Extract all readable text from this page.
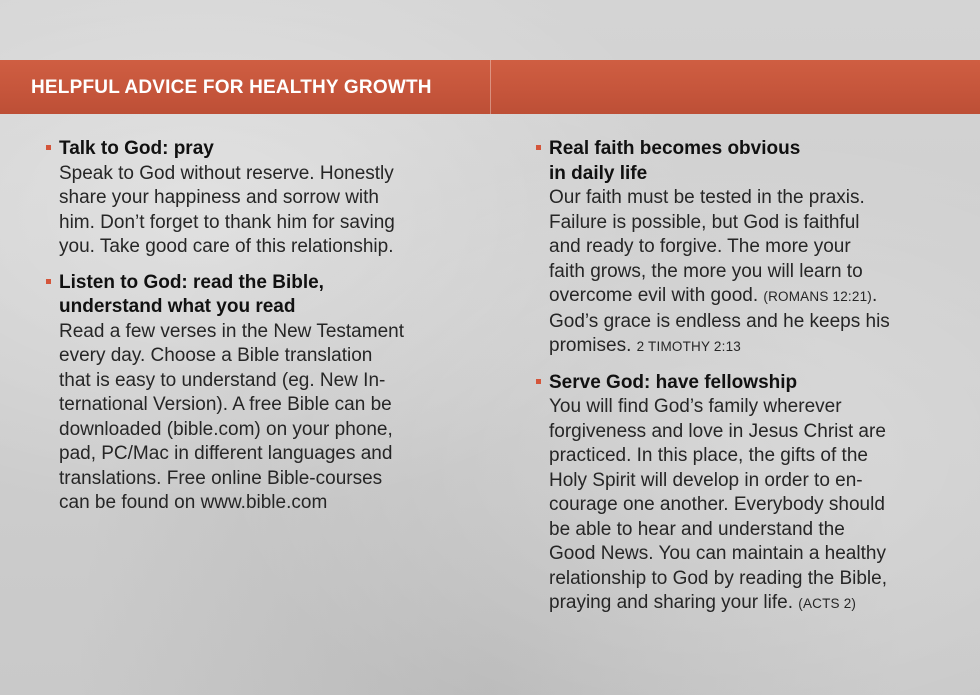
HELPFUL ADVICE FOR HEALTHY GROWTH

Talk to God: pray

Speak to God without reserve. Honestly
share your happiness and sorrow with
him. Don’t forget to thank him for saving
you. Take good care of this relationship.

Listen to God: read the Bible,
understand what you read

Read a few verses in the New Testament
every day. Choose a Bible translation
that is easy to understand (eg. New In-
ternational Version). A free Bible can be
downloaded (bible.com) on your phone,
pad, PC/Mac in different languages and
translations. Free online Bible-courses
can be found on www.bible.com

Real faith becomes obvious
in daily life

Our faith must be tested in the praxis.
Failure is possible, but God is faithful
and ready to forgive. The more your
faith grows, the more you will learn to
overcome evil with good. (ROMANS 12:21).
God’s grace is endless and he keeps his
promises. 2 TIMOTHY 2:13

Serve God: have fellowship

You will find God’s family wherever
forgiveness and love in Jesus Christ are
practiced. In this place, the gifts of the
Holy Spirit will develop in order to en-
courage one another. Everybody should
be able to hear and understand the
Good News. You can maintain a healthy
relationship to God by reading the Bible,
praying and sharing your life. (ACTS 2)
